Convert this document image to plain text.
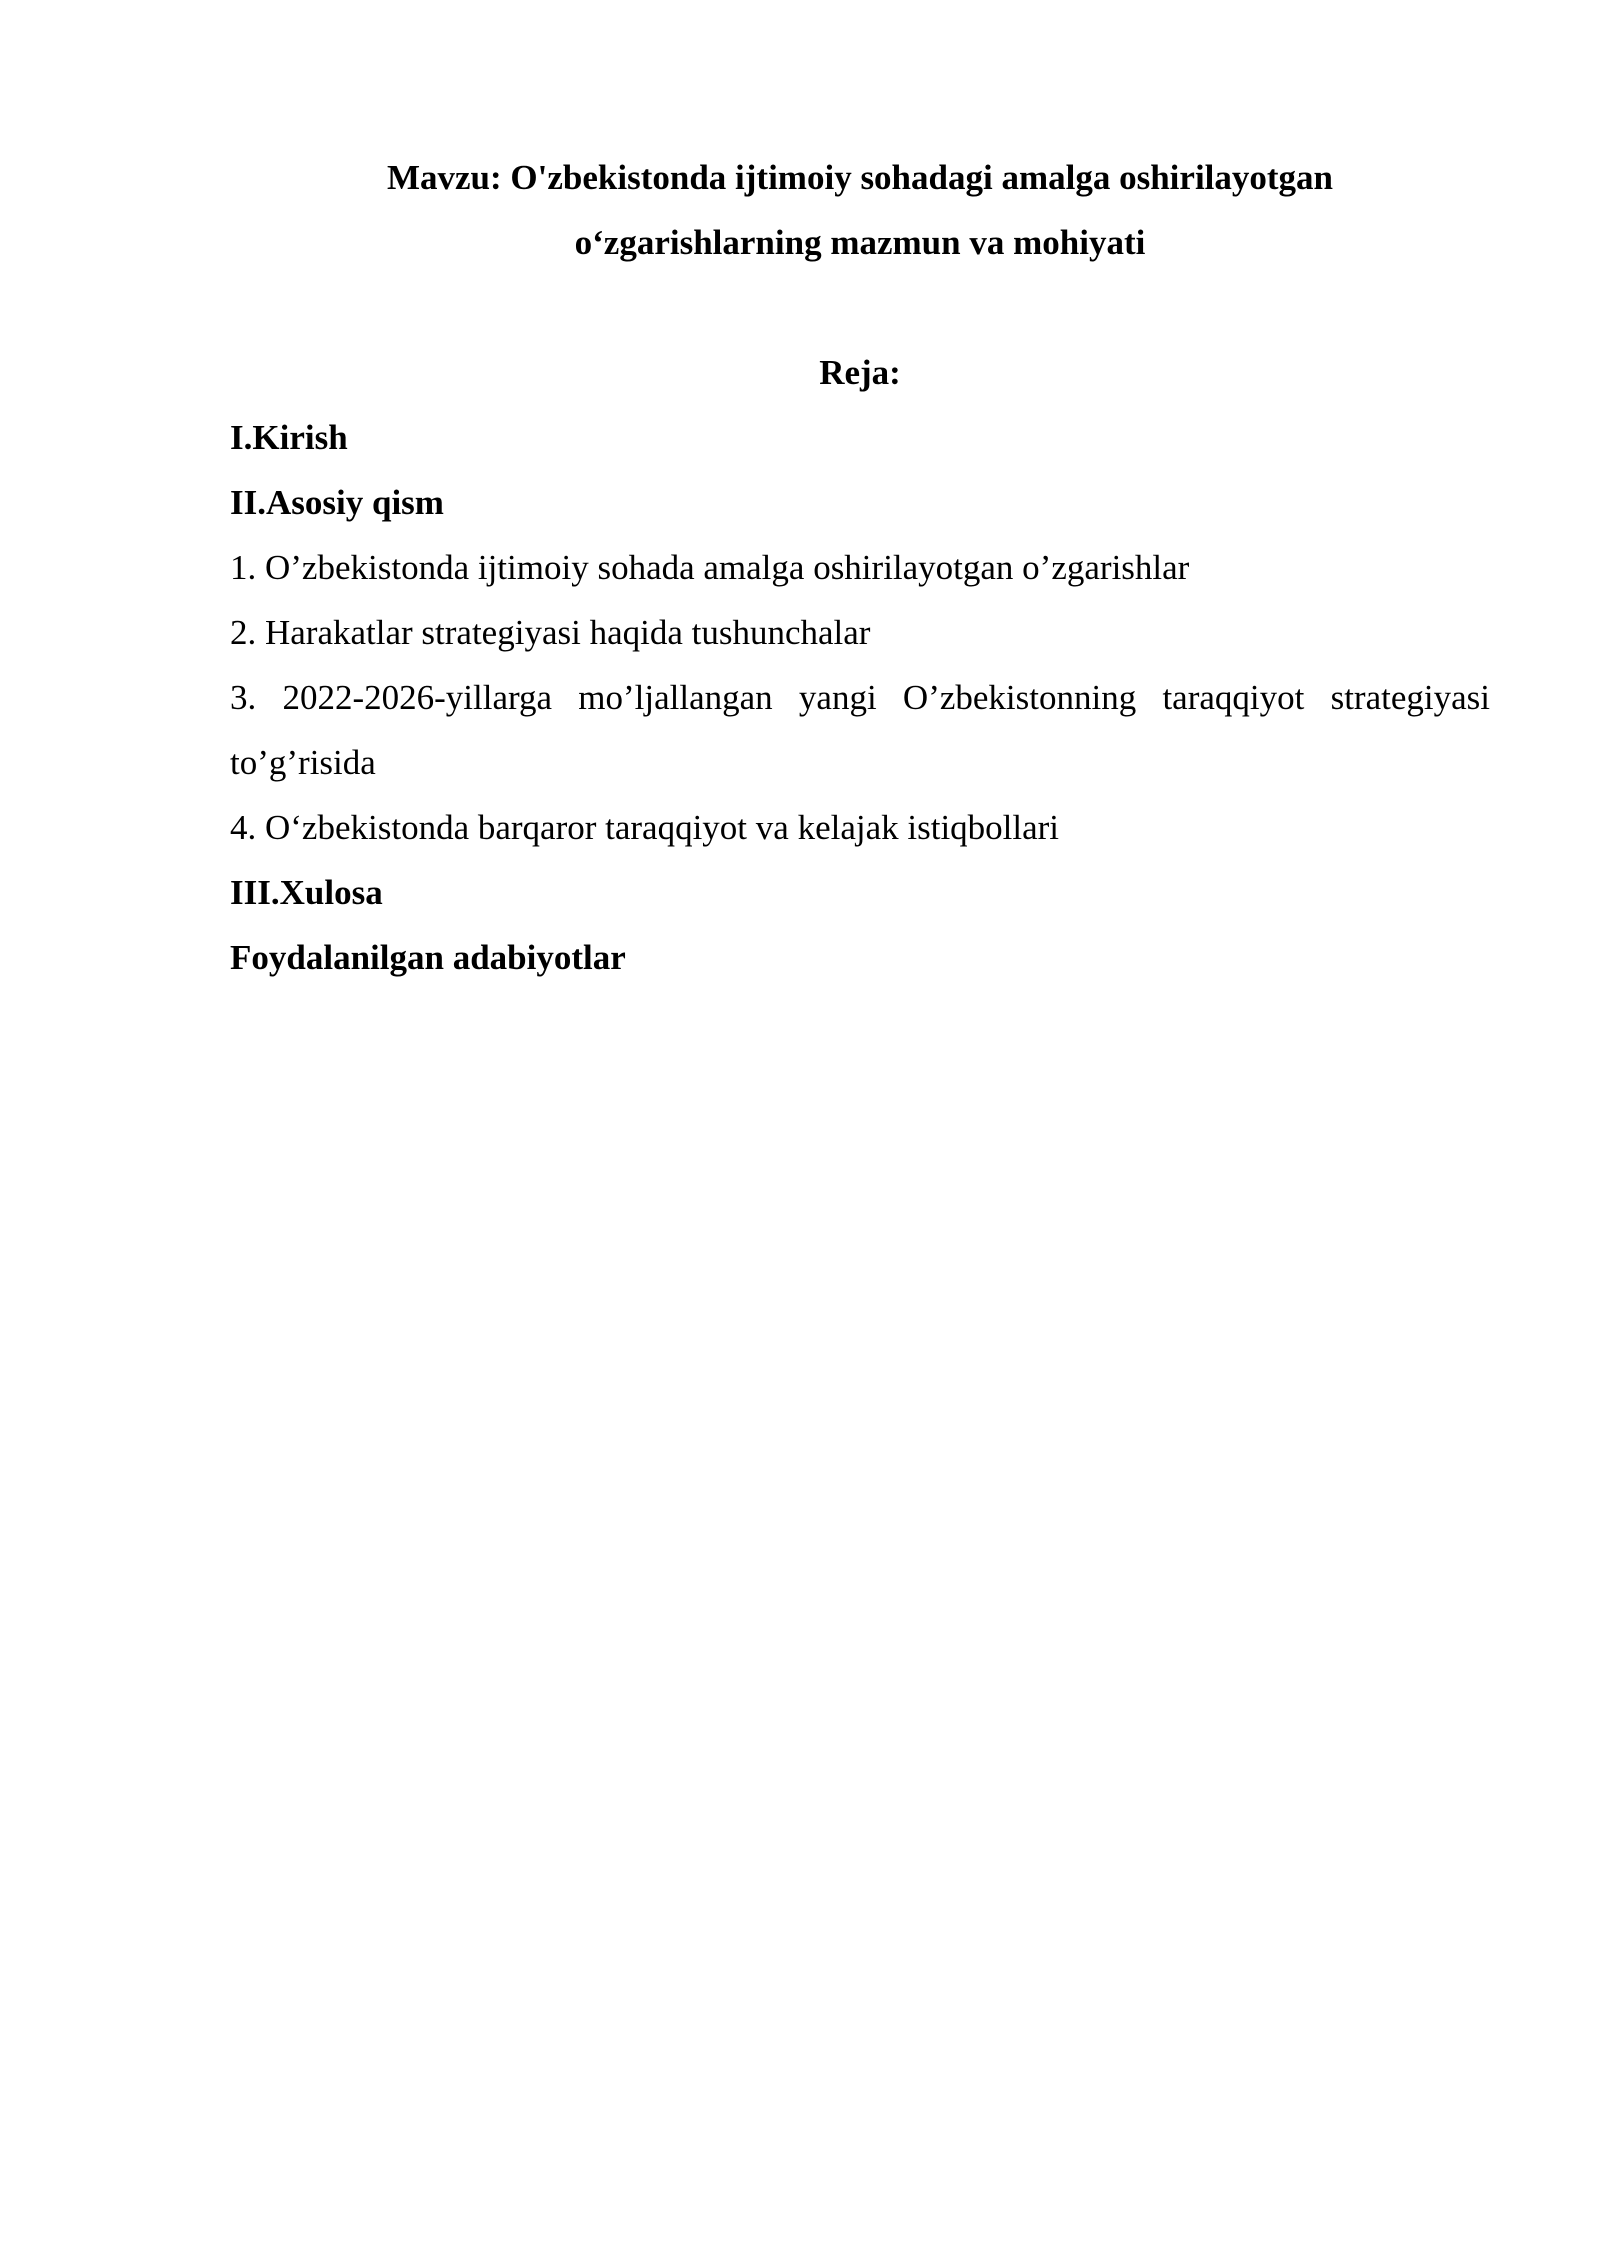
Mavzu: O'zbekistonda ijtimoiy sohadagi amalga oshirilayotgan
o‘zgarishlarning mazmun va mohiyati
Reja:
I.Kirish
II.Asosiy qism
1. O’zbekistonda ijtimoiy sohada amalga oshirilayotgan o’zgarishlar
2. Harakatlar strategiyasi haqida tushunchalar
3. 2022-2026-yillarga mo’ljallangan yangi O’zbekistonning taraqqiyot strategiyasi to’g’risida
4. O‘zbekistonda barqaror taraqqiyot va kelajak istiqbollari
III.Xulosa
Foydalanilgan adabiyotlar
